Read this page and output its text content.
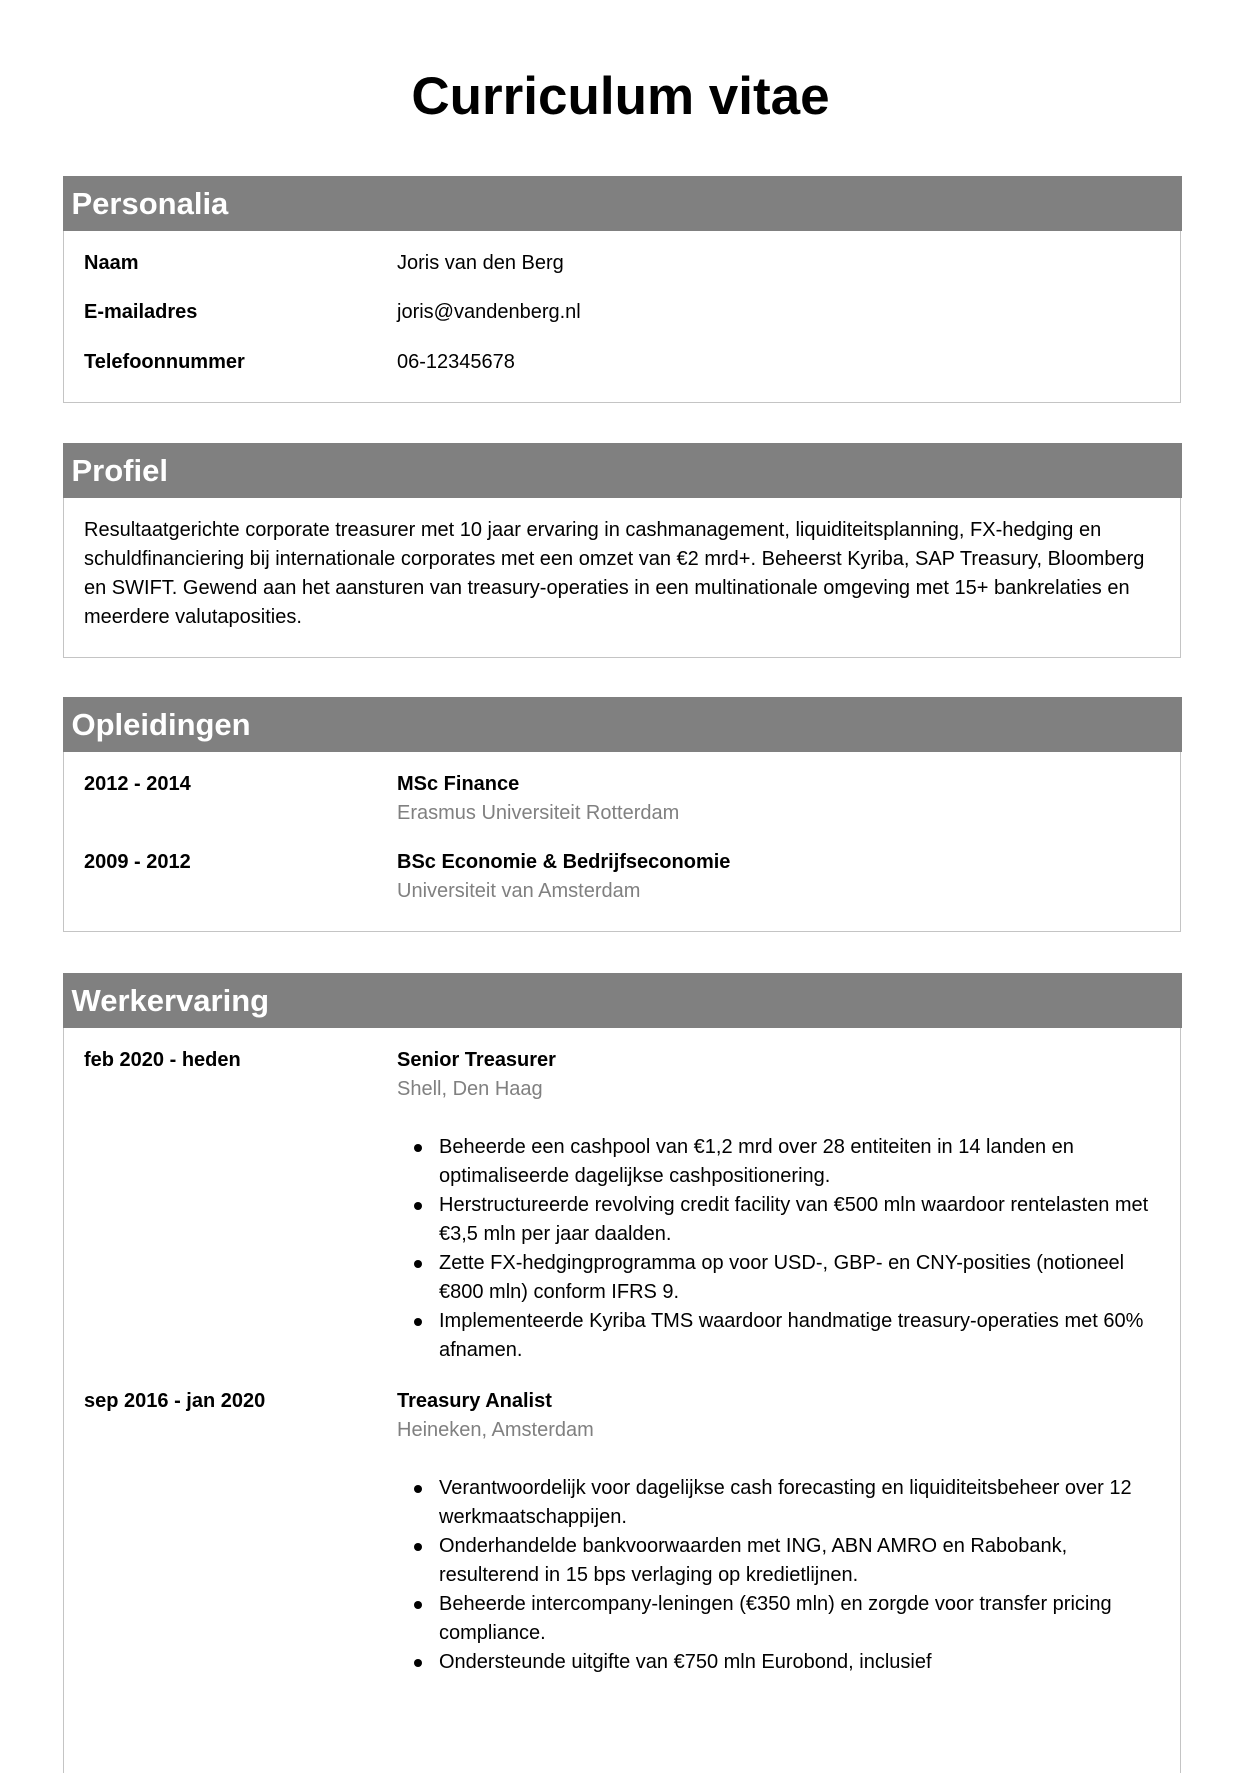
Curriculum vitae
Personalia
Naam	Joris van den Berg
E-mailadres	joris@vandenberg.nl
Telefoonnummer	06-12345678
Profiel

Resultaatgerichte corporate treasurer met 10 jaar ervaring in cashmanagement, liquiditeitsplanning, FX-hedging en schuldfinanciering bij internationale corporates met een omzet van €2 mrd+. Beheerst Kyriba, SAP Treasury, Bloomberg en SWIFT. Gewend aan het aansturen van treasury-operaties in een multinationale omgeving met 15+ bankrelaties en meerdere valutaposities.

Opleidingen
2012 - 2014	MSc Finance
Erasmus Universiteit Rotterdam
2009 - 2012	BSc Economie & Bedrijfseconomie
Universiteit van Amsterdam
Werkervaring
feb 2020 - heden	Senior Treasurer
Shell, Den Haag
Beheerde een cashpool van €1,2 mrd over 28 entiteiten in 14 landen en optimaliseerde dagelijkse cashpositionering.
Herstructureerde revolving credit facility van €500 mln waardoor rentelasten met €3,5 mln per jaar daalden.
Zette FX-hedgingprogramma op voor USD-, GBP- en CNY-posities (notioneel €800 mln) conform IFRS 9.
Implementeerde Kyriba TMS waardoor handmatige treasury-operaties met 60% afnamen.
sep 2016 - jan 2020	Treasury Analist
Heineken, Amsterdam
Verantwoordelijk voor dagelijkse cash forecasting en liquiditeitsbeheer over 12 werkmaatschappijen.
Onderhandelde bankvoorwaarden met ING, ABN AMRO en Rabobank, resulterend in 15 bps verlaging op kredietlijnen.
Beheerde intercompany-leningen (€350 mln) en zorgde voor transfer pricing compliance.
Ondersteunde uitgifte van €750 mln Eurobond, inclusief
